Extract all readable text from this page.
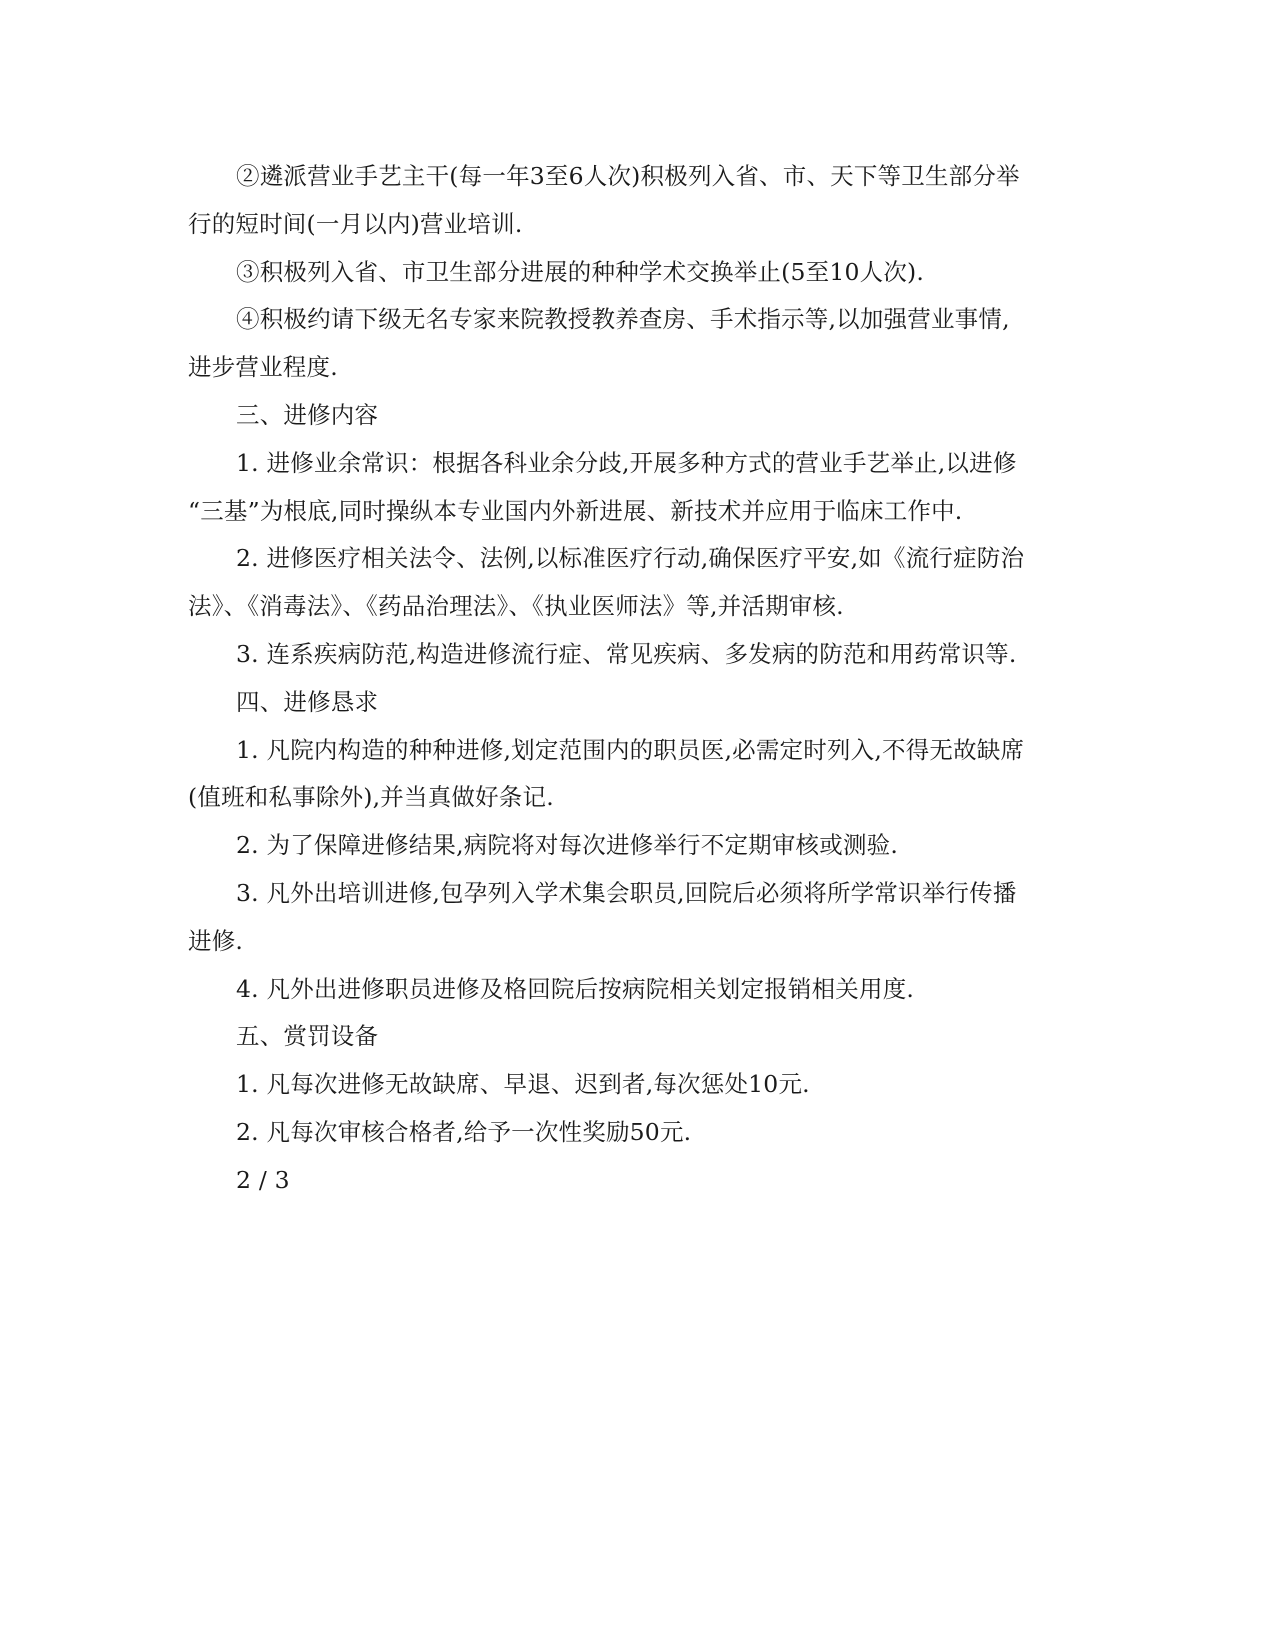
②遴派营业手艺主干(每一年3至6人次)积极列入省、市、天下等卫生部分举
行的短时间(一月以内)营业培训.
③积极列入省、市卫生部分进展的种种学术交换举止(5至10人次).
④积极约请下级无名专家来院教授教养查房、手术指示等,以加强营业事情,
进步营业程度.
三、进修内容
1. 进修业余常识：根据各科业余分歧,开展多种方式的营业手艺举止,以进修
“三基”为根底,同时操纵本专业国内外新进展、新技术并应用于临床工作中.
2. 进修医疗相关法令、法例,以标准医疗行动,确保医疗平安,如《流行症防治
法》、《消毒法》、《药品治理法》、《执业医师法》等,并活期审核.
3. 连系疾病防范,构造进修流行症、常见疾病、多发病的防范和用药常识等.
四、进修恳求
1. 凡院内构造的种种进修,划定范围内的职员医,必需定时列入,不得无故缺席
(值班和私事除外),并当真做好条记.
2. 为了保障进修结果,病院将对每次进修举行不定期审核或测验.
3. 凡外出培训进修,包孕列入学术集会职员,回院后必须将所学常识举行传播
进修.
4. 凡外出进修职员进修及格回院后按病院相关划定报销相关用度.
五、赏罚设备
1. 凡每次进修无故缺席、早退、迟到者,每次惩处10元.
2. 凡每次审核合格者,给予一次性奖励50元.
2 / 3
